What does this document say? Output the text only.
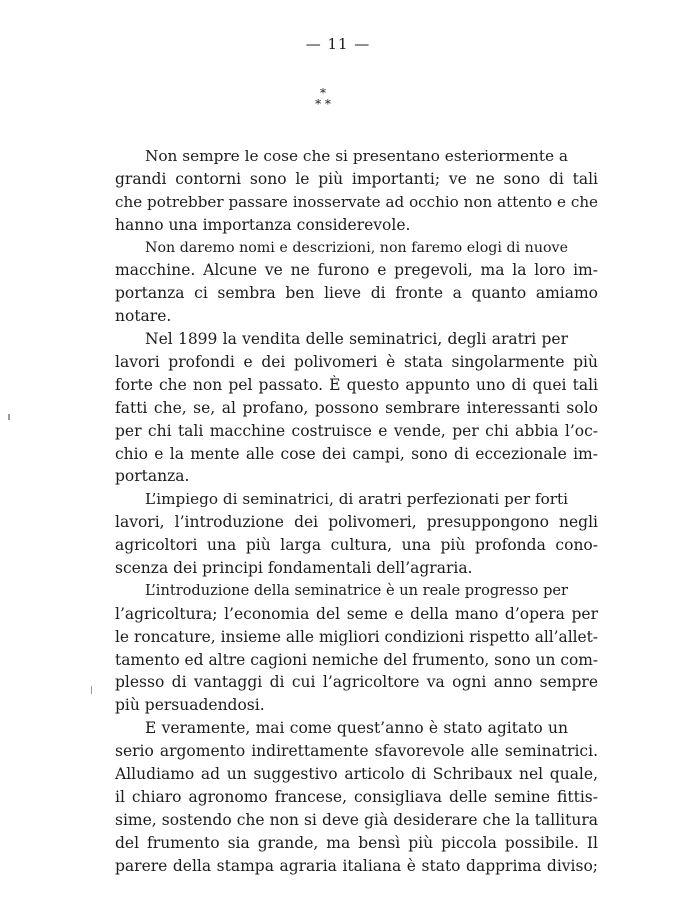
— 11 —
*
* *
Non sempre le cose che si presentano esteriormente a
grandi contorni sono le più importanti; ve ne sono di tali
che potrebber passare inosservate ad occhio non attento e che
hanno una importanza considerevole.
Non daremo nomi e descrizioni, non faremo elogi di nuove
macchine. Alcune ve ne furono e pregevoli, ma la loro im-
portanza ci sembra ben lieve di fronte a quanto amiamo
notare.
Nel 1899 la vendita delle seminatrici, degli aratri per
lavori profondi e dei polivomeri è stata singolarmente più
forte che non pel passato. È questo appunto uno di quei tali
fatti che, se, al profano, possono sembrare interessanti solo
per chi tali macchine costruisce e vende, per chi abbia l’oc-
chio e la mente alle cose dei campi, sono di eccezionale im-
portanza.
L’impiego di seminatrici, di aratri perfezionati per forti
lavori, l’introduzione dei polivomeri, presuppongono negli
agricoltori una più larga cultura, una più profonda cono-
scenza dei principi fondamentali dell’agraria.
L’introduzione della seminatrice è un reale progresso per
l’agricoltura; l’economia del seme e della mano d’opera per
le roncature, insieme alle migliori condizioni rispetto all’allet-
tamento ed altre cagioni nemiche del frumento, sono un com-
plesso di vantaggi di cui l’agricoltore va ogni anno sempre
più persuadendosi.
E veramente, mai come quest’anno è stato agitato un
serio argomento indirettamente sfavorevole alle seminatrici.
Alludiamo ad un suggestivo articolo di Schribaux nel quale,
il chiaro agronomo francese, consigliava delle semine fittis-
sime, sostendo che non si deve già desiderare che la tallitura
del frumento sia grande, ma bensì più piccola possibile. Il
parere della stampa agraria italiana è stato dapprima diviso;
